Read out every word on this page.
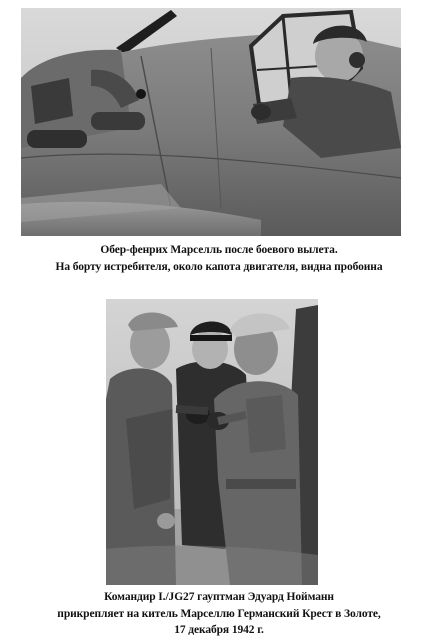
Обер-фенрих Марселль после боевого вылета.
На борту истребителя, около капота двигателя, видна пробоина

Командир I./JG27 гауптман Эдуард Нойманн
прикрепляет на китель Марселлю Германский Крест в Золоте,
17 декабря 1942 г.
